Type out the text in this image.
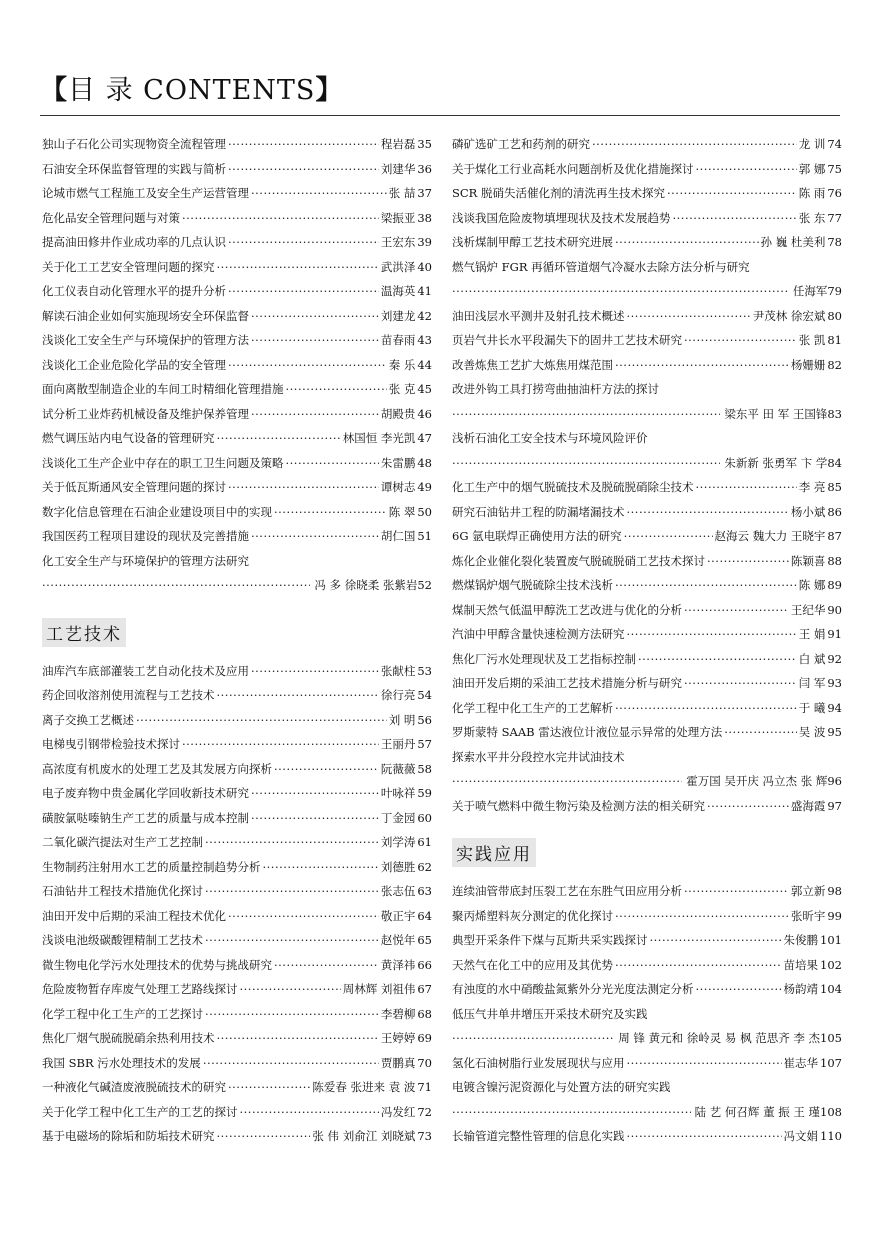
【目 录 CONTENTS】
独山子石化公司实现物资全流程管理 ·····	程岩磊 35
石油安全环保监督管理的实践与简析 ·····	刘建华 36
论城市燃气工程施工及安全生产运营管理 ·····	张 喆 37
危化品安全管理问题与对策 ·····	梁振亚 38
提高油田修井作业成功率的几点认识 ·····	王宏东 39
关于化工工艺安全管理问题的探究 ·····	武洪泽 40
化工仪表自动化管理水平的提升分析 ·····	温海英 41
解读石油企业如何实施现场安全环保监督 ·····	刘建龙 42
浅谈化工安全生产与环境保护的管理方法 ·····	苗春雨 43
浅谈化工企业危险化学品的安全管理 ·····	秦 乐 44
面向离散型制造企业的车间工时精细化管理措施 ·····	张 克 45
试分析工业炸药机械设备及维护保养管理 ·····	胡殿贵 46
燃气调压站内电气设备的管理研究 ·····	林国恒 李光凯 47
浅谈化工生产企业中存在的职工卫生问题及策略 ·····	朱雷鹏 48
关于低瓦斯通风安全管理问题的探讨 ·····	谭树志 49
数字化信息管理在石油企业建设项目中的实现 ·····	陈 翠 50
我国医药工程项目建设的现状及完善措施 ·····	胡仁国 51
化工安全生产与环境保护的管理方法研究
·····
冯 多 徐晓柔 张紫岩 52
工艺技术
油库汽车底部灌装工艺自动化技术及应用 ·····	张献柱 53
药企回收溶剂使用流程与工艺技术 ·····	徐行亮 54
离子交换工艺概述 ·····	刘 明 56
电梯曳引钢带检验技术探讨 ·····	王丽丹 57
高浓度有机废水的处理工艺及其发展方向探析 ·····	阮薇薇 58
电子废弃物中贵金属化学回收新技术研究 ·····	叶咏祥 59
磺胺氯哒嗪钠生产工艺的质量与成本控制 ·····	丁金园 60
二氧化碳汽提法对生产工艺控制 ·····	刘学涛 61
生物制药注射用水工艺的质量控制趋势分析 ·····	刘德胜 62
石油钻井工程技术措施优化探讨 ·····	张志伍 63
油田开发中后期的采油工程技术优化 ·····	敬正宇 64
浅谈电池级碳酸锂精制工艺技术 ·····	赵悦年 65
微生物电化学污水处理技术的优势与挑战研究 ·····	黄泽祎 66
危险废物暂存库废气处理工艺路线探讨 ·····	周林辉 刘祖伟 67
化学工程中化工生产的工艺探讨 ·····	李碧柳 68
焦化厂烟气脱硫脱硝余热利用技术 ·····	王婷婷 69
我国 SBR 污水处理技术的发展 ·····	贾鹏真 70
一种液化气碱渣废液脱硫技术的研究 ·····	陈爱春 张进来 袁 波 71
关于化学工程中化工生产的工艺的探讨 ·····	冯发红 72
基于电磁场的除垢和防垢技术研究 ·····	张 伟 刘俞江 刘晓斌 73
磷矿选矿工艺和药剂的研究 ·····	龙 训 74
关于煤化工行业高耗水问题剖析及优化措施探讨 ·····	郭 娜 75
SCR 脱硝失活催化剂的清洗再生技术探究 ·····	陈 雨 76
浅谈我国危险废物填埋现状及技术发展趋势 ·····	张 东 77
浅析煤制甲醇工艺技术研究进展 ·····	孙 巍 杜美利 78
燃气锅炉 FGR 再循环管道烟气冷凝水去除方法分析与研究
·····
任海军 79
油田浅层水平测井及射孔技术概述 ·····	尹茂林 徐宏斌 80
页岩气井长水平段漏失下的固井工艺技术研究 ·····	张 凯 81
改善炼焦工艺扩大炼焦用煤范围 ·····	杨姗姗 82
改进外钩工具打捞弯曲抽油杆方法的探讨
·····
梁东平 田 军 王国锋 83
浅析石油化工安全技术与环境风险评价
·····
朱新新 张勇军 卞 学 84
化工生产中的烟气脱硫技术及脱硫脱硝除尘技术 ·····	李 亮 85
研究石油钻井工程的防漏堵漏技术 ·····	杨小斌 86
6G 氩电联焊正确使用方法的研究 ·····	赵海云 魏大力 王晓宇 87
炼化企业催化裂化装置废气脱硫脱硝工艺技术探讨 ·····	陈颖喜 88
燃煤锅炉烟气脱硫除尘技术浅析 ·····	陈 娜 89
煤制天然气低温甲醇洗工艺改进与优化的分析 ·····	王纪华 90
汽油中甲醇含量快速检测方法研究 ·····	王 娟 91
焦化厂污水处理现状及工艺指标控制 ·····	白 斌 92
油田开发后期的采油工艺技术措施分析与研究 ·····	闫 军 93
化学工程中化工生产的工艺解析 ·····	于 曦 94
罗斯蒙特 SAAB 雷达液位计液位显示异常的处理方法 ·····	吴 波 95
探索水平井分段控水完井试油技术
·····
霍万国 吴开庆 冯立杰 张 辉 96
关于喷气燃料中微生物污染及检测方法的相关研究 ·····	盛海霞 97
实践应用
连续油管带底封压裂工艺在东胜气田应用分析 ·····	郭立新 98
聚丙烯塑料灰分测定的优化探讨 ·····	张昕宇 99
典型开采条件下煤与瓦斯共采实践探讨 ·····	朱俊鹏 101
天然气在化工中的应用及其优势 ·····	苗培果 102
有浊度的水中硝酸盐氮紫外分光光度法测定分析 ·····	杨韵靖 104
低压气井单井增压开采技术研究及实践
·····
周 锋 黄元和 徐岭灵 易 枫 范思齐 李 杰 105
氢化石油树脂行业发展现状与应用 ·····	崔志华 107
电镀含镍污泥资源化与处置方法的研究实践
·····
陆 艺 何召辉 董 振 王 瑾 108
长输管道完整性管理的信息化实践 ·····	冯文娟 110
